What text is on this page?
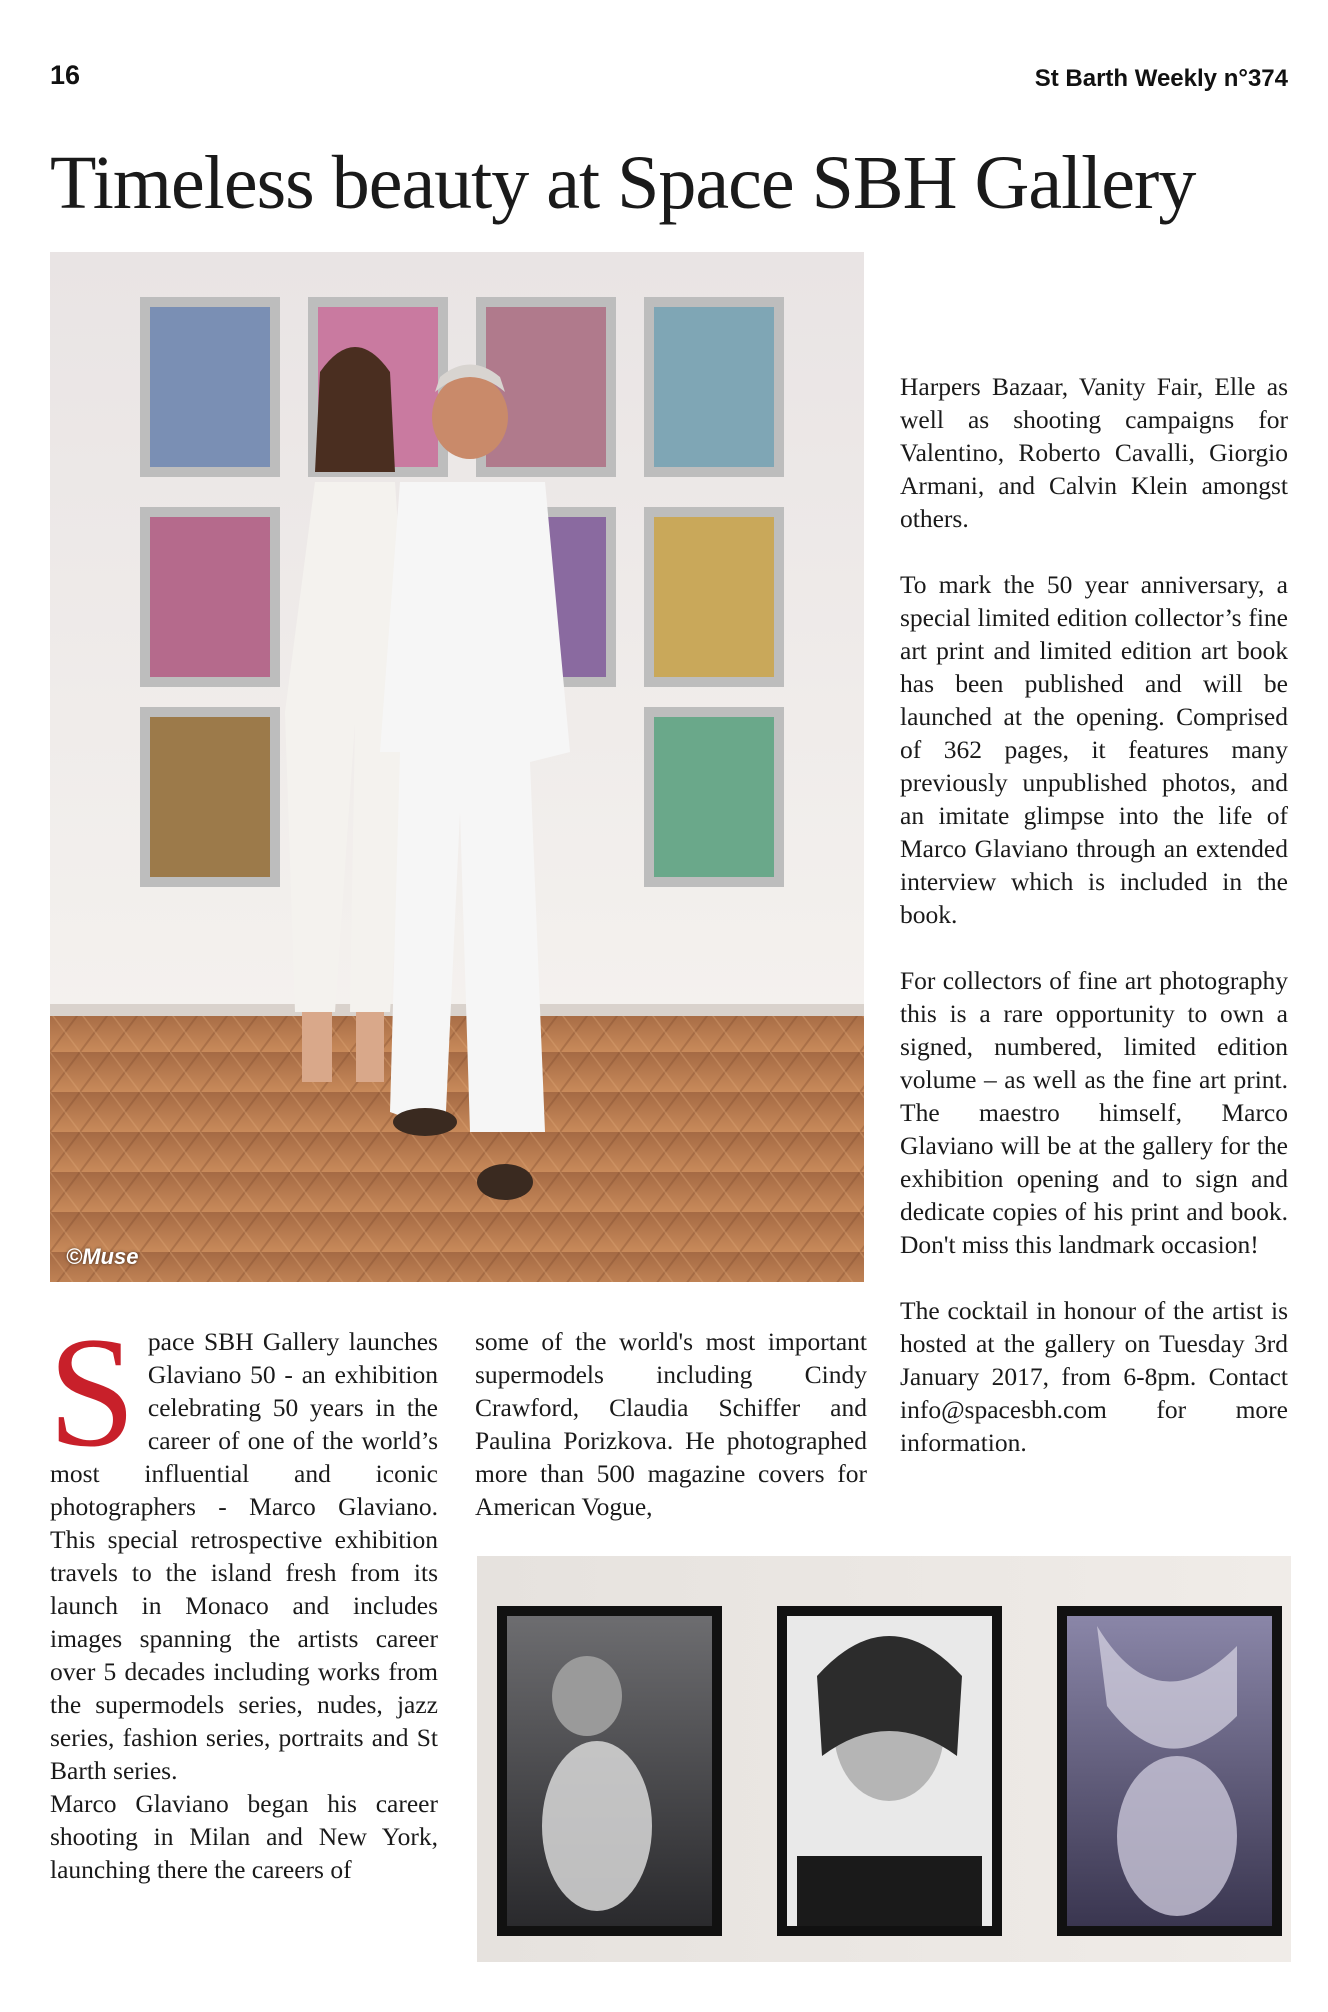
16	St Barth Weekly n°374
Timeless beauty at Space SBH Gallery
©Muse

Space SBH Gallery launches Glaviano 50 - an exhibition celebrating 50 years in the career of one of the world’s most influential and iconic photographers - Marco Glaviano. This special retrospective exhibition travels to the island fresh from its launch in Monaco and includes images spanning the artists career over 5 decades including works from the supermodels series, nudes, jazz series, fashion series, portraits and St Barth series.

Marco Glaviano began his career shooting in Milan and New York, launching there the careers of

some of the world's most important supermodels including Cindy Crawford, Claudia Schiffer and Paulina Porizkova. He photographed more than 500 magazine covers for American Vogue,

Harpers Bazaar, Vanity Fair, Elle as well as shooting campaigns for Valentino, Roberto Cavalli, Giorgio Armani, and Calvin Klein amongst others.

To mark the 50 year anniversary, a special limited edition collector’s fine art print and limited edition art book has been published and will be launched at the opening. Comprised of 362 pages, it features many previously unpublished photos, and an imitate glimpse into the life of Marco Glaviano through an extended interview which is included in the book.

For collectors of fine art photography this is a rare opportunity to own a signed, numbered, limited edition volume – as well as the fine art print. The maestro himself, Marco Glaviano will be at the gallery for the exhibition opening and to sign and dedicate copies of his print and book. Don't miss this landmark occasion!

The cocktail in honour of the artist is hosted at the gallery on Tuesday 3rd January 2017, from 6-8pm. Contact info@spacesbh.com for more information.
